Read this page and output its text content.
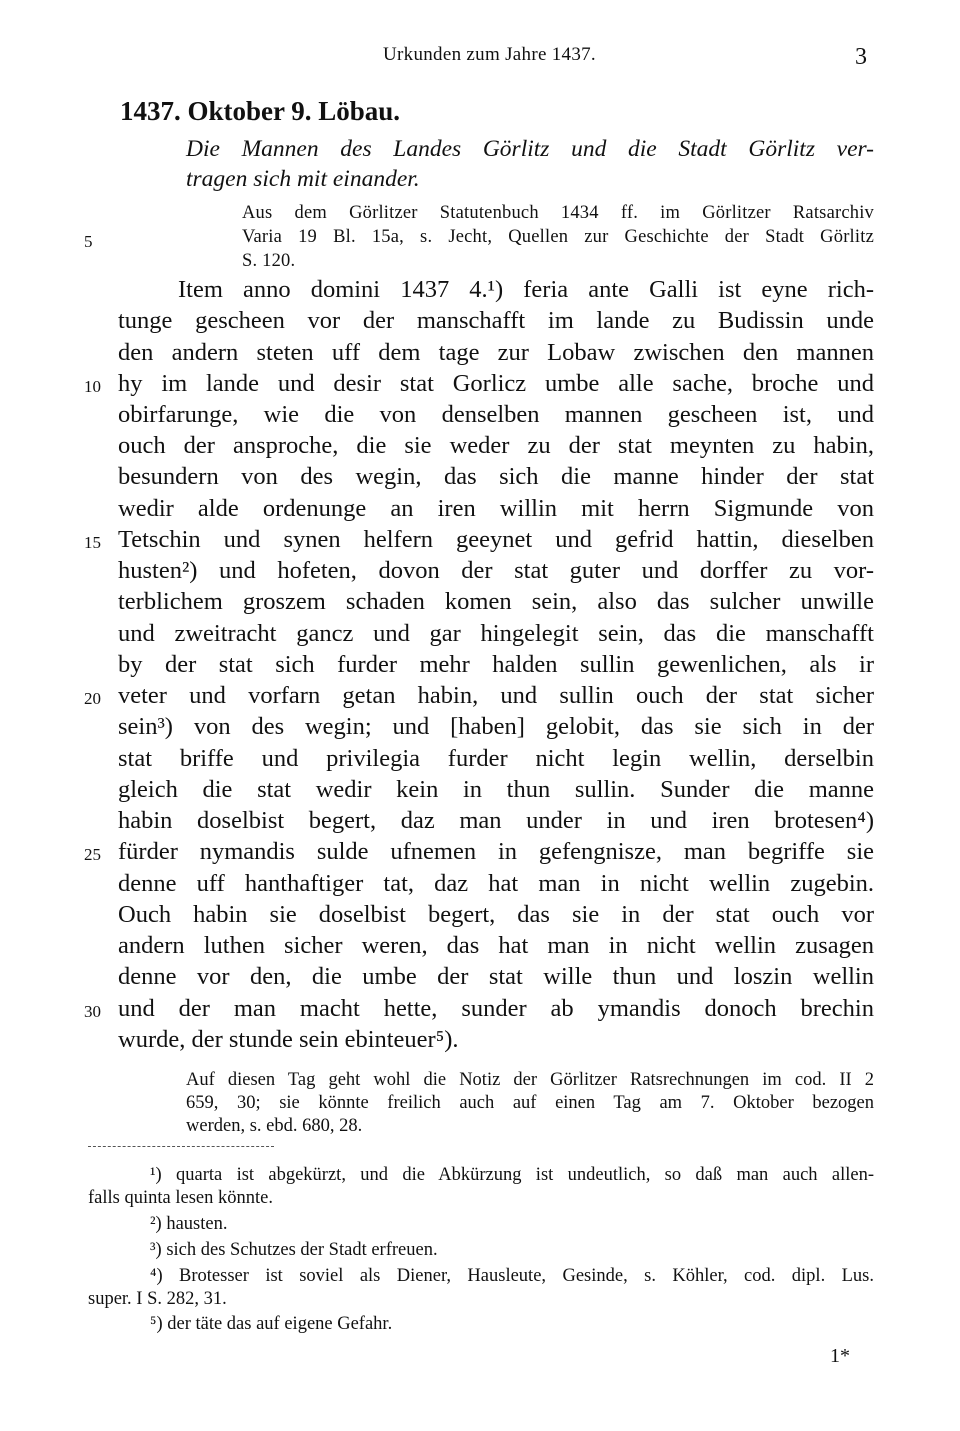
Urkunden zum Jahre 1437.	3
1437. Oktober 9. Löbau.
Die Mannen des Landes Görlitz und die Stadt Görlitz ver-
tragen sich mit einander.
Aus dem Görlitzer Statutenbuch 1434 ff. im Görlitzer Ratsarchiv
Varia 19 Bl. 15a, s. Jecht, Quellen zur Geschichte der Stadt Görlitz
S. 120.
5
10
15
20
25
30
Item anno domini 1437 4.¹) feria ante Galli ist eyne rich-
tunge gescheen vor der manschafft im lande zu Budissin unde
den andern steten uff dem tage zur Lobaw zwischen den mannen
hy im lande und desir stat Gorlicz umbe alle sache, broche und
obirfarunge, wie die von denselben mannen gescheen ist, und
ouch der ansproche, die sie weder zu der stat meynten zu habin,
besundern von des wegin, das sich die manne hinder der stat
wedir alde ordenunge an iren willin mit herrn Sigmunde von
Tetschin und synen helfern geeynet und gefrid hattin, dieselben
husten²) und hofeten, dovon der stat guter und dorffer zu vor-
terblichem groszem schaden komen sein, also das sulcher unwille
und zweitracht gancz und gar hingelegit sein, das die manschafft
by der stat sich furder mehr halden sullin gewenlichen, als ir
veter und vorfarn getan habin, und sullin ouch der stat sicher
sein³) von des wegin; und [haben] gelobit, das sie sich in der
stat briffe und privilegia furder nicht legin wellin, derselbin
gleich die stat wedir kein in thun sullin. Sunder die manne
habin doselbist begert, daz man under in und iren brotesen⁴)
fürder nymandis sulde ufnemen in gefengnisze, man begriffe sie
denne uff hanthaftiger tat, daz hat man in nicht wellin zugebin.
Ouch habin sie doselbist begert, das sie in der stat ouch vor
andern luthen sicher weren, das hat man in nicht wellin zusagen
denne vor den, die umbe der stat wille thun und loszin wellin
und der man macht hette, sunder ab ymandis donoch brechin
wurde, der stunde sein ebinteuer⁵).
Auf diesen Tag geht wohl die Notiz der Görlitzer Ratsrechnungen im cod. II 2
659, 30; sie könnte freilich auch auf einen Tag am 7. Oktober bezogen
werden, s. ebd. 680, 28.
¹) quarta ist abgekürzt, und die Abkürzung ist undeutlich, so daß man auch allen-
falls quinta lesen könnte.
²) hausten.
³) sich des Schutzes der Stadt erfreuen.
⁴) Brotesser ist soviel als Diener, Hausleute, Gesinde, s. Köhler, cod. dipl. Lus.
super. I S. 282, 31.
⁵) der täte das auf eigene Gefahr.
1*
